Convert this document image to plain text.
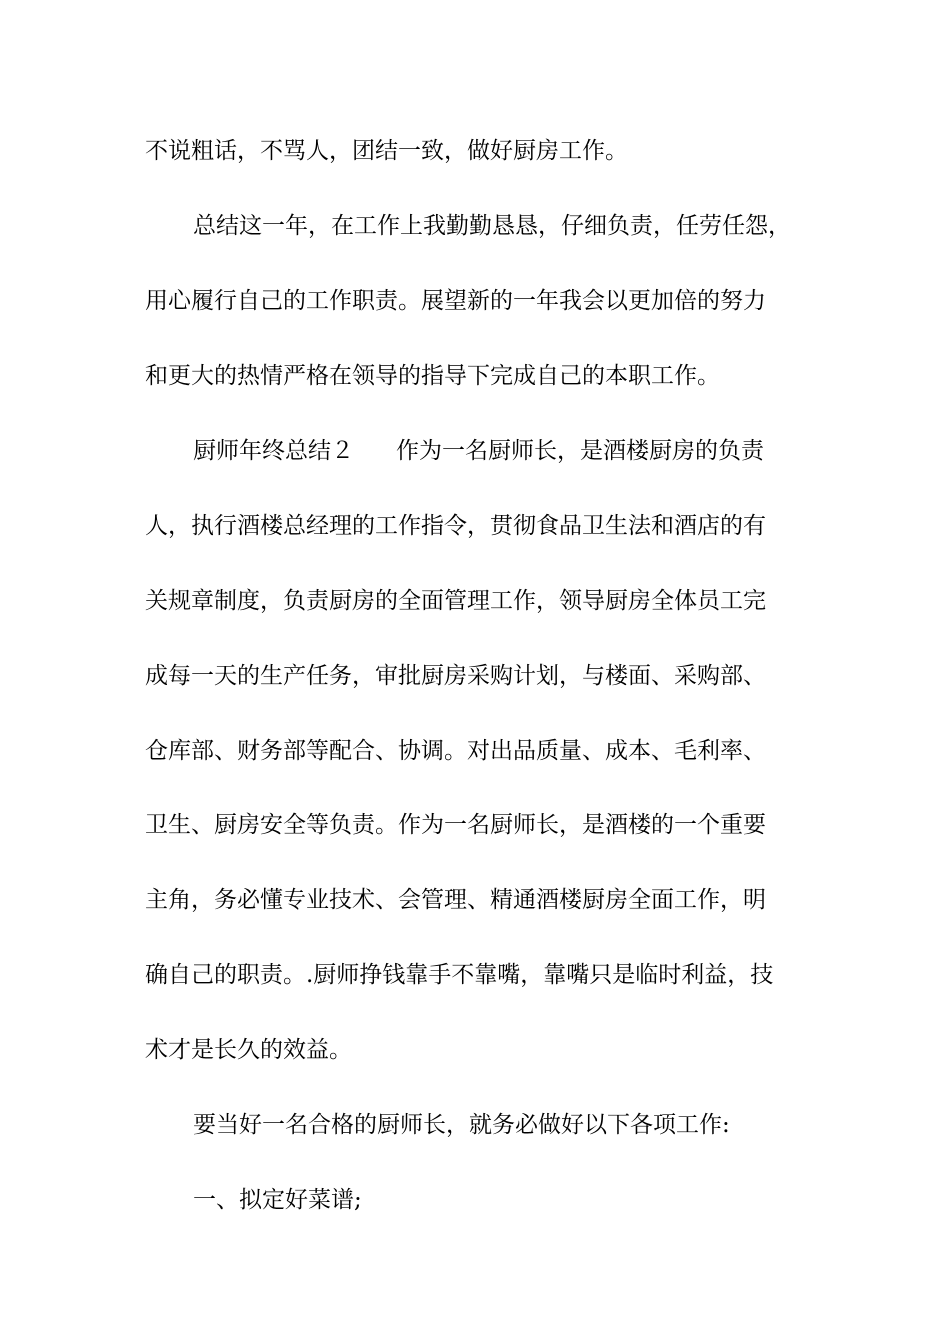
不说粗话，不骂人，团结一致，做好厨房工作。
总结这一年，在工作上我勤勤恳恳，仔细负责，任劳任怨，
用心履行自己的工作职责。展望新的一年我会以更加倍的努力
和更大的热情严格在领导的指导下完成自己的本职工作。
厨师年终总结２ 作为一名厨师长，是酒楼厨房的负责
人，执行酒楼总经理的工作指令，贯彻食品卫生法和酒店的有
关规章制度，负责厨房的全面管理工作，领导厨房全体员工完
成每一天的生产任务，审批厨房采购计划，与楼面、采购部、
仓库部、财务部等配合、协调。对出品质量、成本、毛利率、
卫生、厨房安全等负责。作为一名厨师长，是酒楼的一个重要
主角，务必懂专业技术、会管理、精通酒楼厨房全面工作，明
确自己的职责。.厨师挣钱靠手不靠嘴，靠嘴只是临时利益，技
术才是长久的效益。
要当好一名合格的厨师长，就务必做好以下各项工作:
一、拟定好菜谱;
